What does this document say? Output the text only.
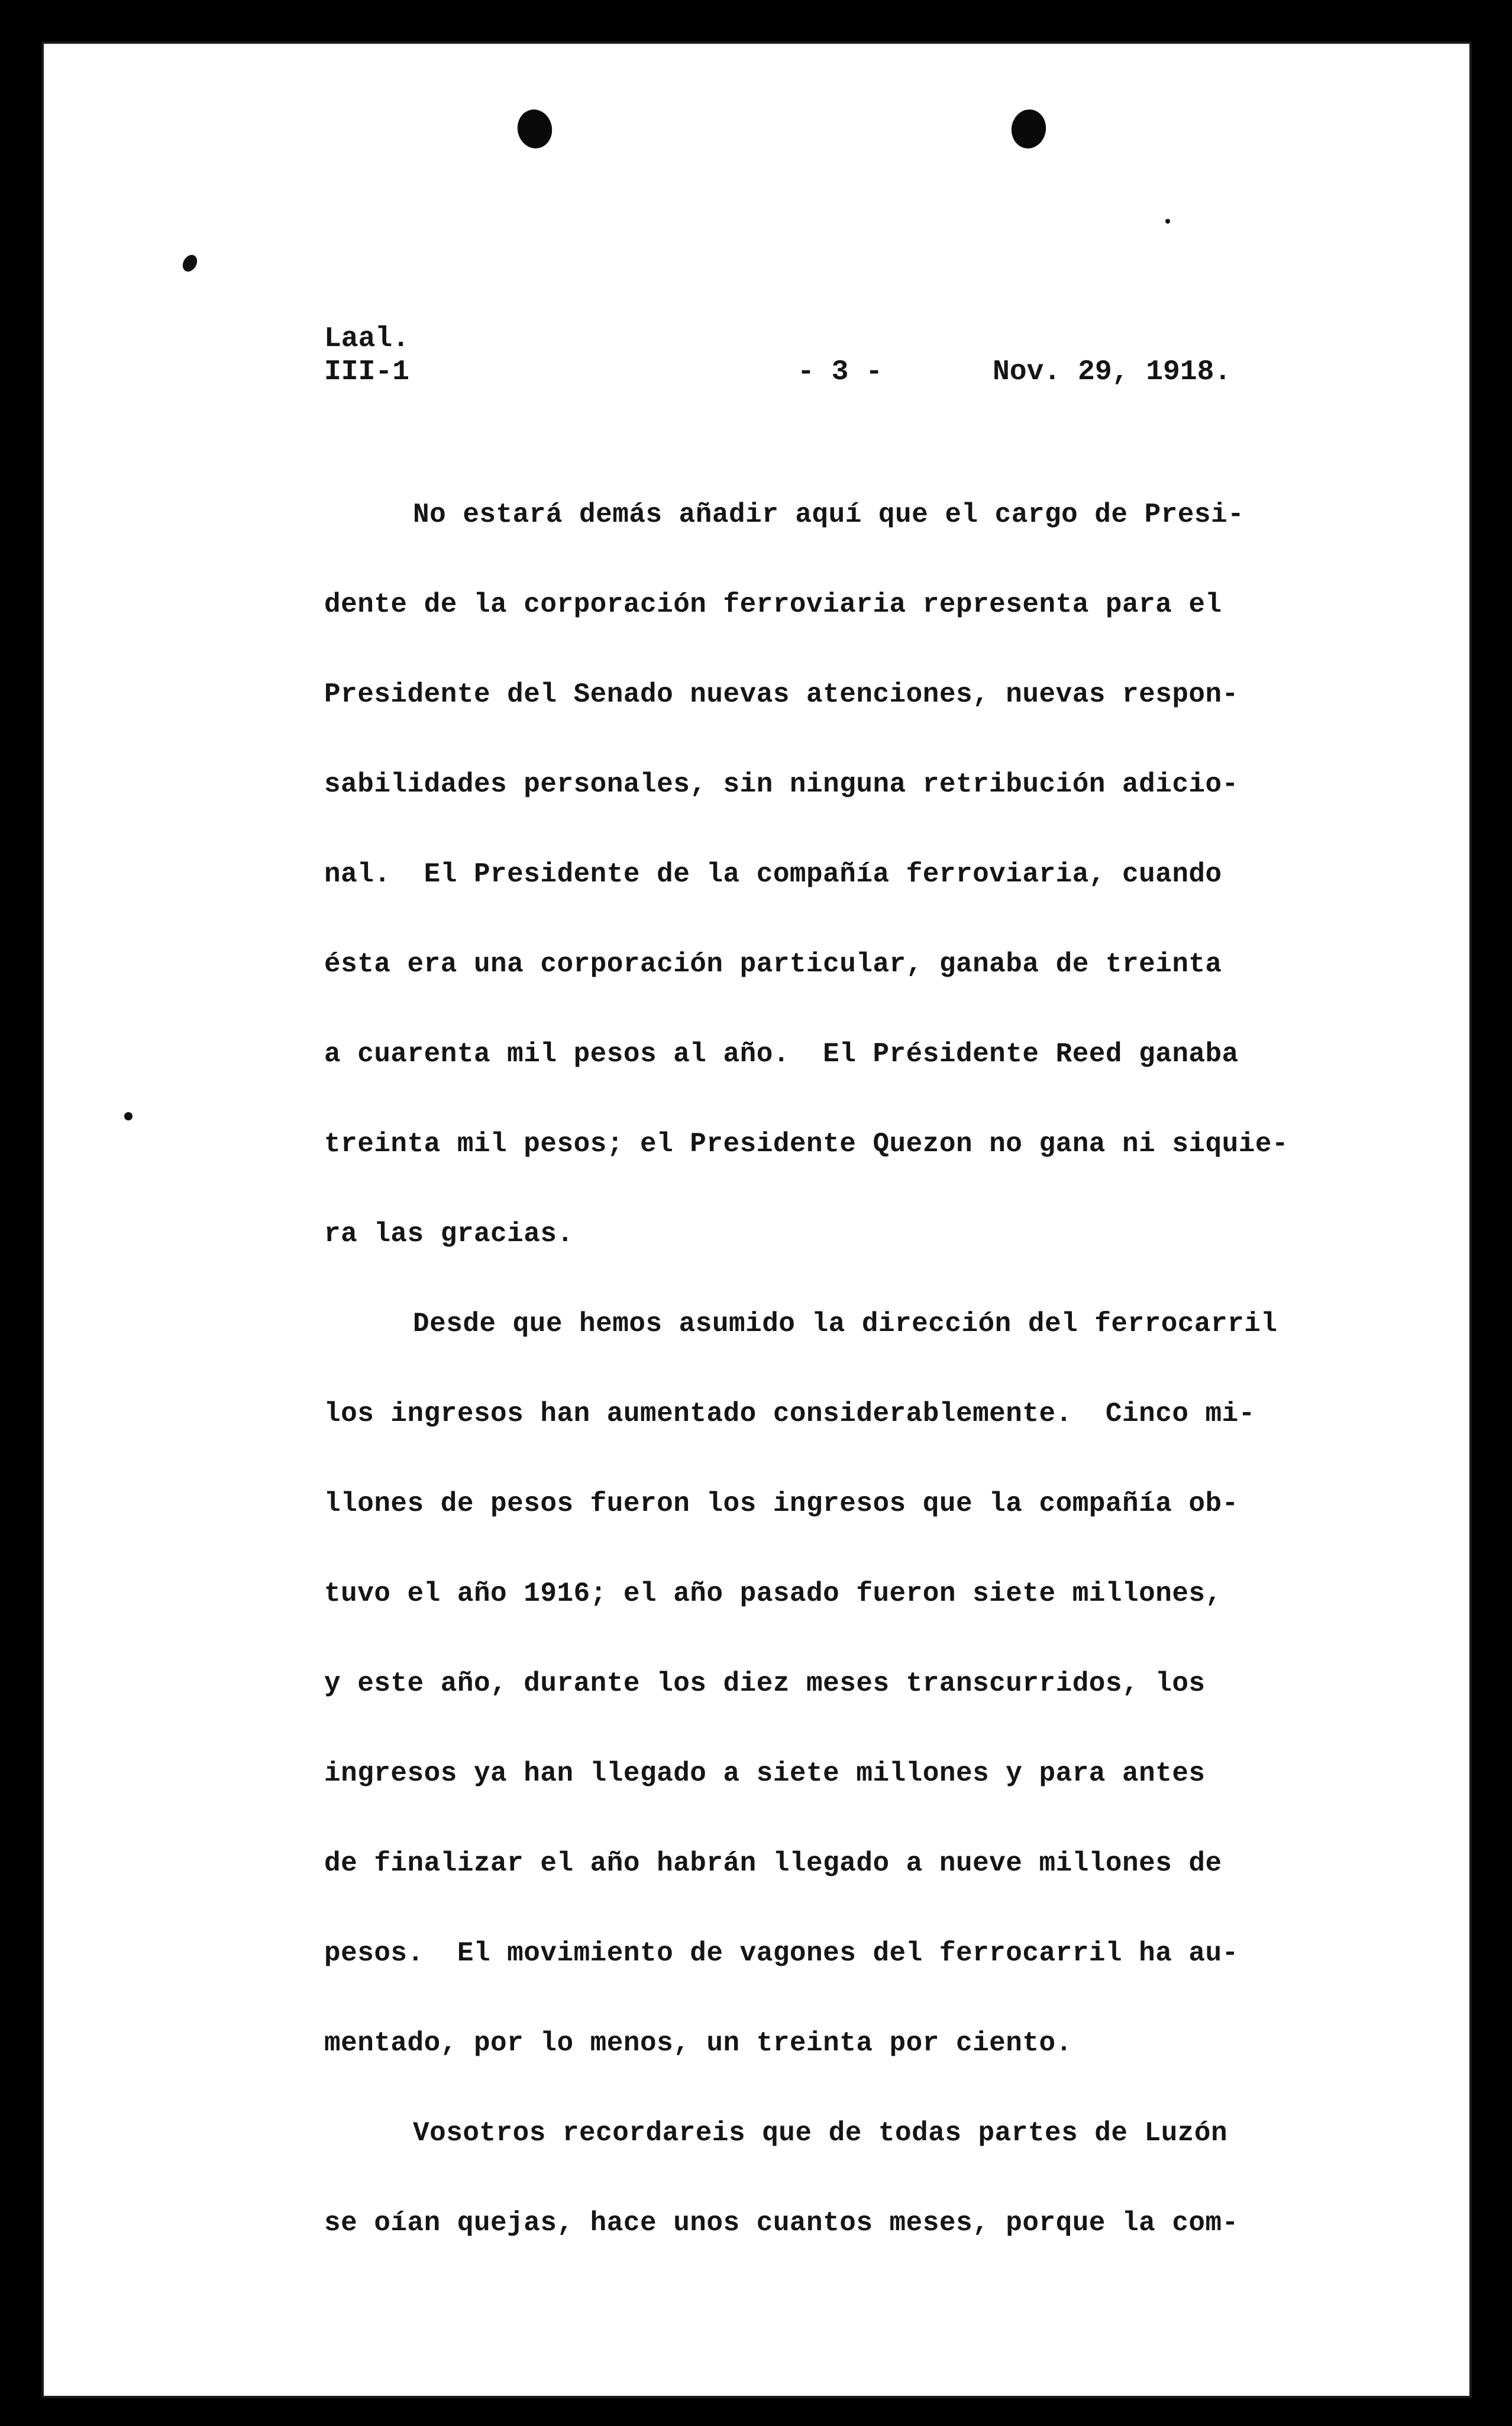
Laal.
III-1	- 3 -	Nov. 29, 1918.
No estará demás añadir aquí que el cargo de Presi-
dente de la corporación ferroviaria representa para el
Presidente del Senado nuevas atenciones, nuevas respon-
sabilidades personales, sin ninguna retribución adicio-
nal.  El Presidente de la compañía ferroviaria, cuando
ésta era una corporación particular, ganaba de treinta
a cuarenta mil pesos al año.  El Présidente Reed ganaba
treinta mil pesos; el Presidente Quezon no gana ni siquie-
ra las gracias.
Desde que hemos asumido la dirección del ferrocarril
los ingresos han aumentado considerablemente.  Cinco mi-
llones de pesos fueron los ingresos que la compañía ob-
tuvo el año 1916; el año pasado fueron siete millones,
y este año, durante los diez meses transcurridos, los
ingresos ya han llegado a siete millones y para antes
de finalizar el año habrán llegado a nueve millones de
pesos.  El movimiento de vagones del ferrocarril ha au-
mentado, por lo menos, un treinta por ciento.
Vosotros recordareis que de todas partes de Luzón
se oían quejas, hace unos cuantos meses, porque la com-
